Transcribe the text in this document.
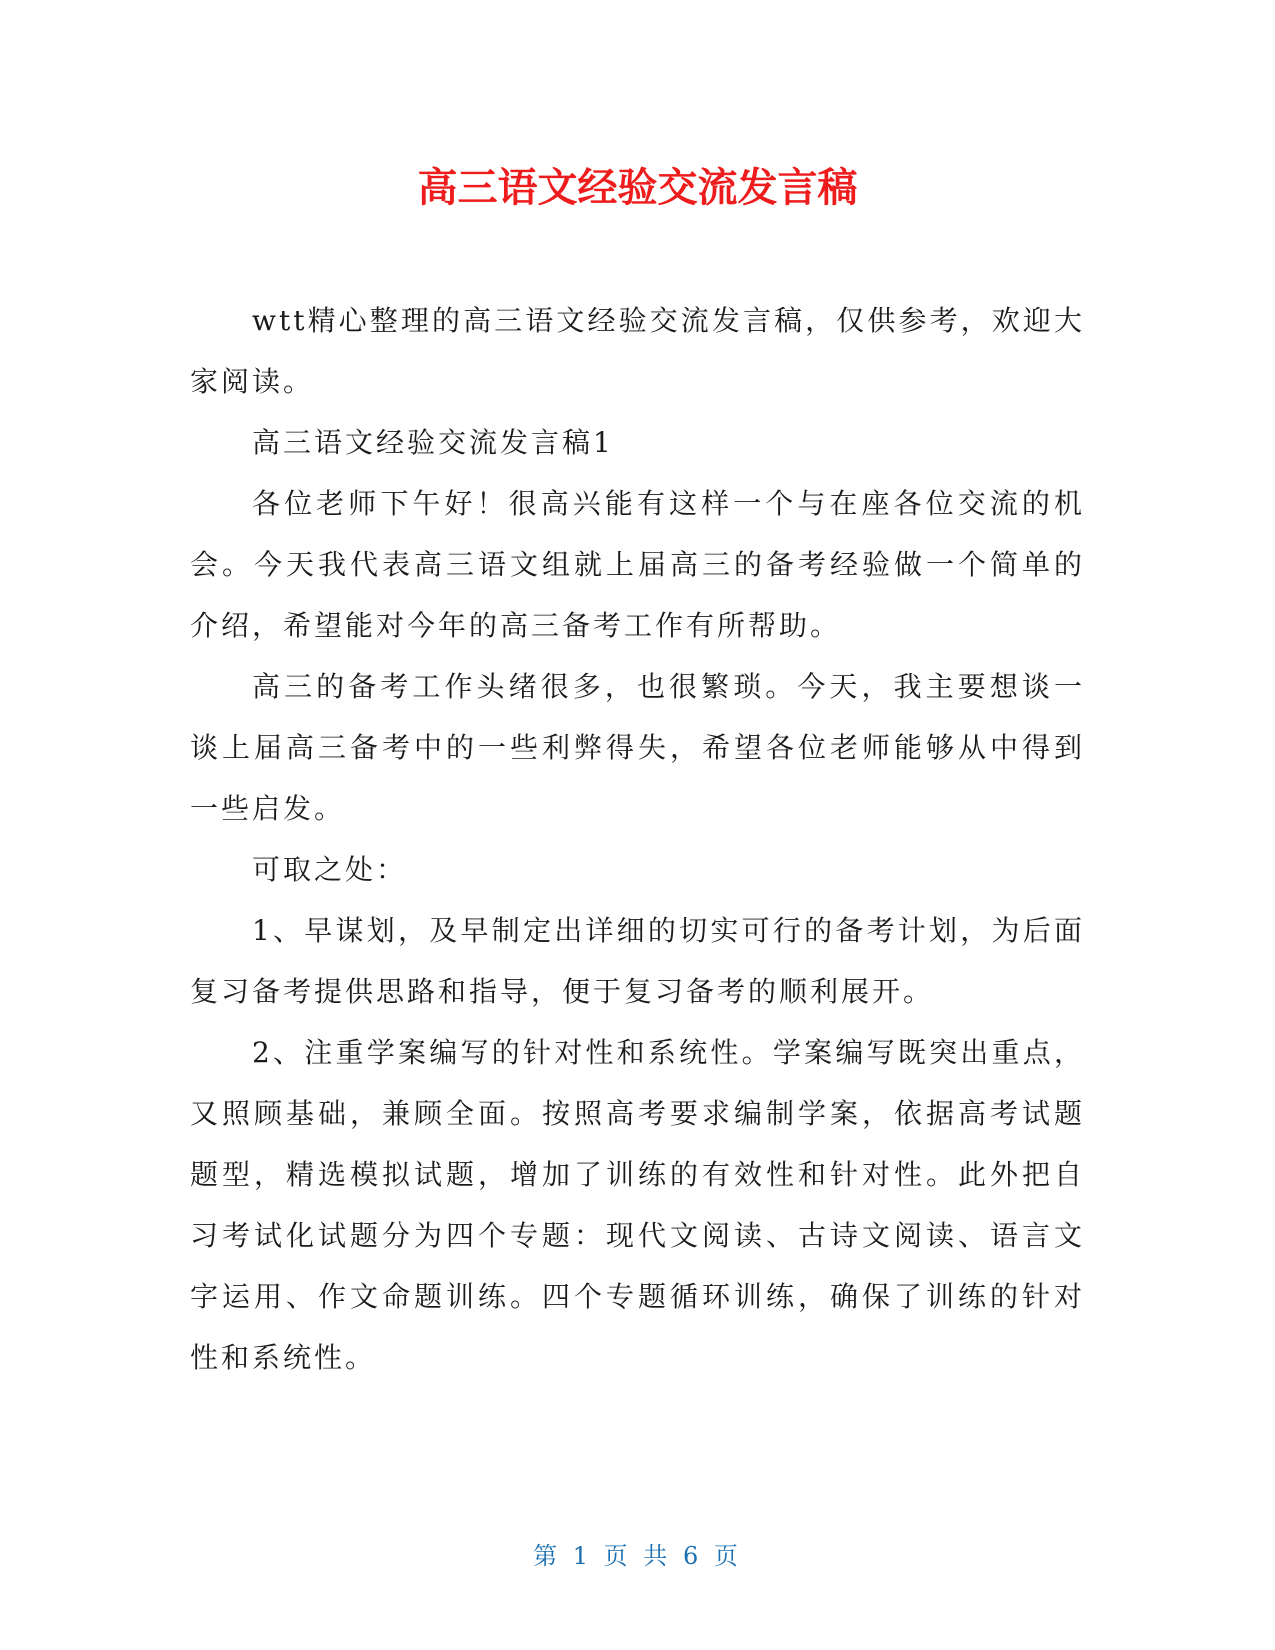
高三语文经验交流发言稿

wtt精心整理的高三语文经验交流发言稿，仅供参考，欢迎大家阅读。

高三语文经验交流发言稿1

各位老师下午好！很高兴能有这样一个与在座各位交流的机会。今天我代表高三语文组就上届高三的备考经验做一个简单的介绍，希望能对今年的高三备考工作有所帮助。

高三的备考工作头绪很多，也很繁琐。今天，我主要想谈一谈上届高三备考中的一些利弊得失，希望各位老师能够从中得到一些启发。

可取之处：

1、早谋划，及早制定出详细的切实可行的备考计划，为后面复习备考提供思路和指导，便于复习备考的顺利展开。

2、注重学案编写的针对性和系统性。学案编写既突出重点，又照顾基础，兼顾全面。按照高考要求编制学案，依据高考试题题型，精选模拟试题，增加了训练的有效性和针对性。此外把自习考试化试题分为四个专题：现代文阅读、古诗文阅读、语言文字运用、作文命题训练。四个专题循环训练，确保了训练的针对性和系统性。

第 1 页 共 6 页
